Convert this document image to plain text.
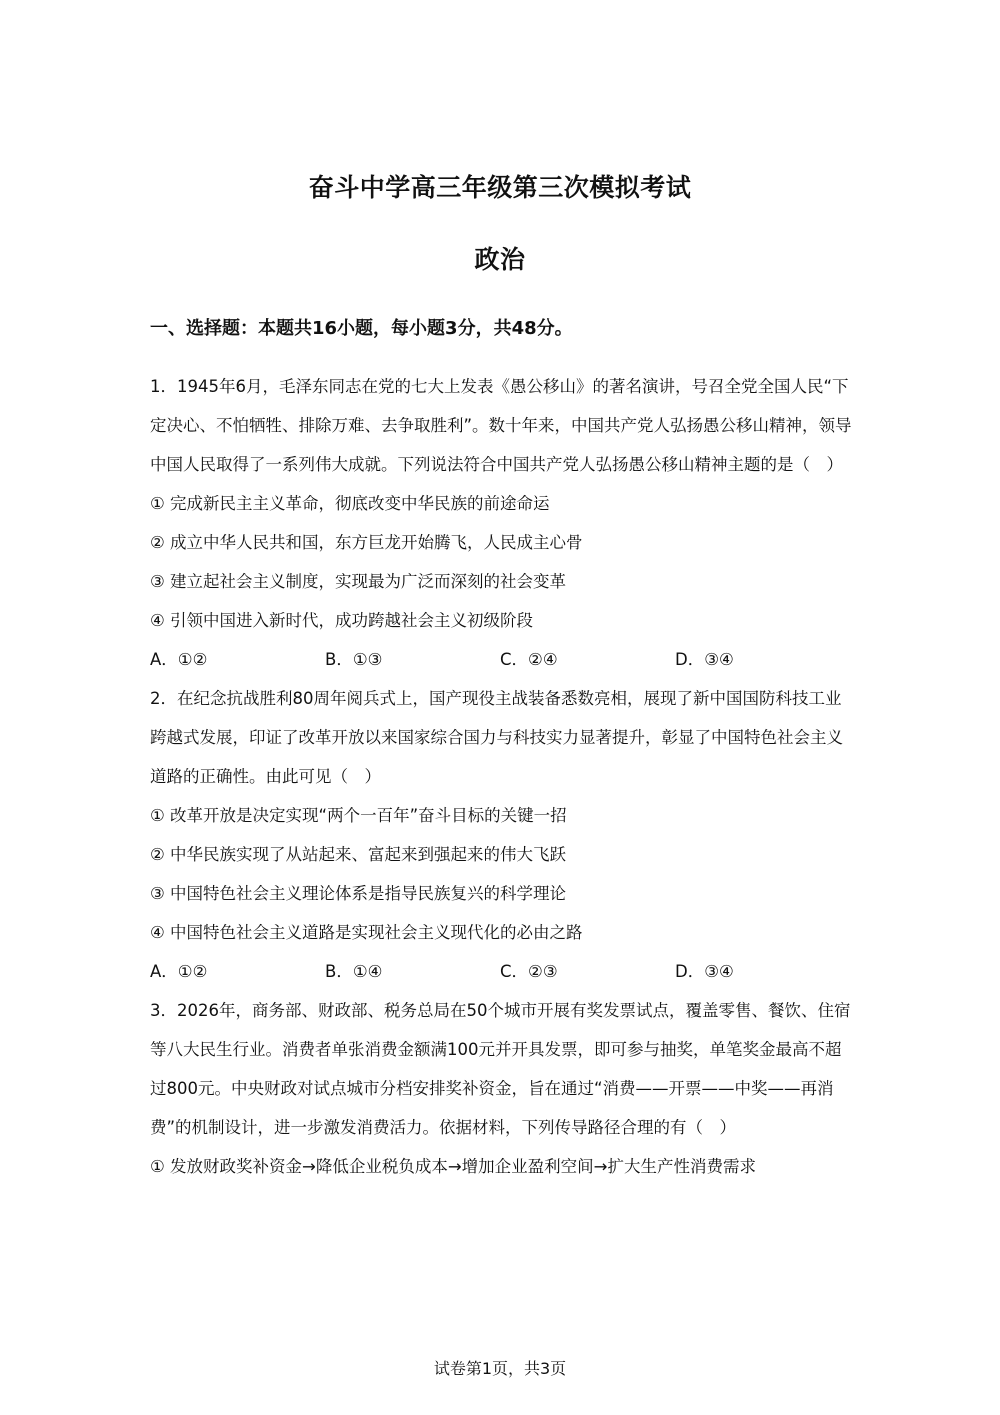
奋斗中学高三年级第三次模拟考试
政治
一、选择题：本题共16小题，每小题3分，共48分。

1．1945年6月，毛泽东同志在党的七大上发表《愚公移山》的著名演讲，号召全党全国人民“下定决心、不怕牺牲、排除万难、去争取胜利”。数十年来，中国共产党人弘扬愚公移山精神，领导中国人民取得了一系列伟大成就。下列说法符合中国共产党人弘扬愚公移山精神主题的是（　）

① 完成新民主主义革命，彻底改变中华民族的前途命运

② 成立中华人民共和国，东方巨龙开始腾飞，人民成主心骨

③ 建立起社会主义制度，实现最为广泛而深刻的社会变革

④ 引领中国进入新时代，成功跨越社会主义初级阶段

A．①②	B．①③	C．②④	D．③④

2．在纪念抗战胜利80周年阅兵式上，国产现役主战装备悉数亮相，展现了新中国国防科技工业跨越式发展，印证了改革开放以来国家综合国力与科技实力显著提升，彰显了中国特色社会主义道路的正确性。由此可见（　）

① 改革开放是决定实现“两个一百年”奋斗目标的关键一招

② 中华民族实现了从站起来、富起来到强起来的伟大飞跃

③ 中国特色社会主义理论体系是指导民族复兴的科学理论

④ 中国特色社会主义道路是实现社会主义现代化的必由之路

A．①②	B．①④	C．②③	D．③④

3．2026年，商务部、财政部、税务总局在50个城市开展有奖发票试点，覆盖零售、餐饮、住宿等八大民生行业。消费者单张消费金额满100元并开具发票，即可参与抽奖，单笔奖金最高不超过800元。中央财政对试点城市分档安排奖补资金，旨在通过“消费——开票——中奖——再消费”的机制设计，进一步激发消费活力。依据材料，下列传导路径合理的有（　）

① 发放财政奖补资金→降低企业税负成本→增加企业盈利空间→扩大生产性消费需求

试卷第1页，共3页
